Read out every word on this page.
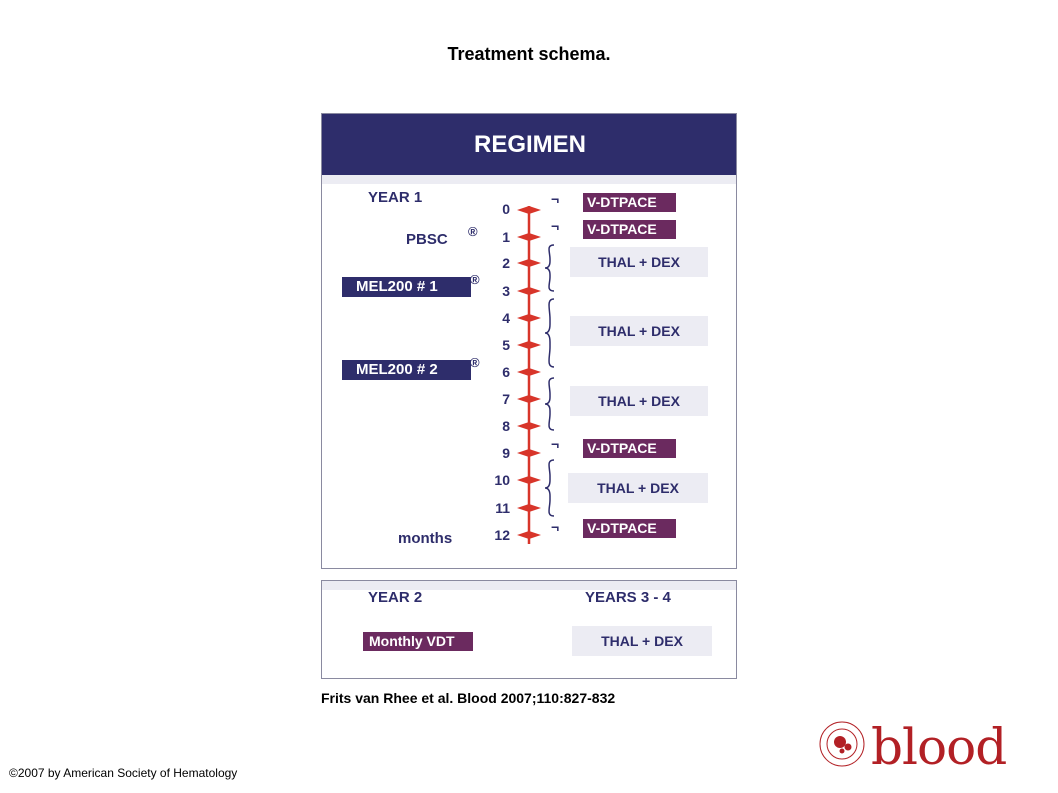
Treatment schema.
REGIMEN
YEAR 1
PBSC ®
MEL200 # 1	®
MEL200 # 2	®
months
0
1
2
3
4
5
6
7
8
9
10
11
12
¬
¬
¬
¬
V-DTPACE
V-DTPACE
THAL + DEX
THAL + DEX
THAL + DEX
V-DTPACE
THAL + DEX
V-DTPACE
YEAR 2	YEARS 3 - 4
Monthly VDT	THAL + DEX
Frits van Rhee et al. Blood 2007;110:827-832
©2007 by American Society of Hematology	blood
